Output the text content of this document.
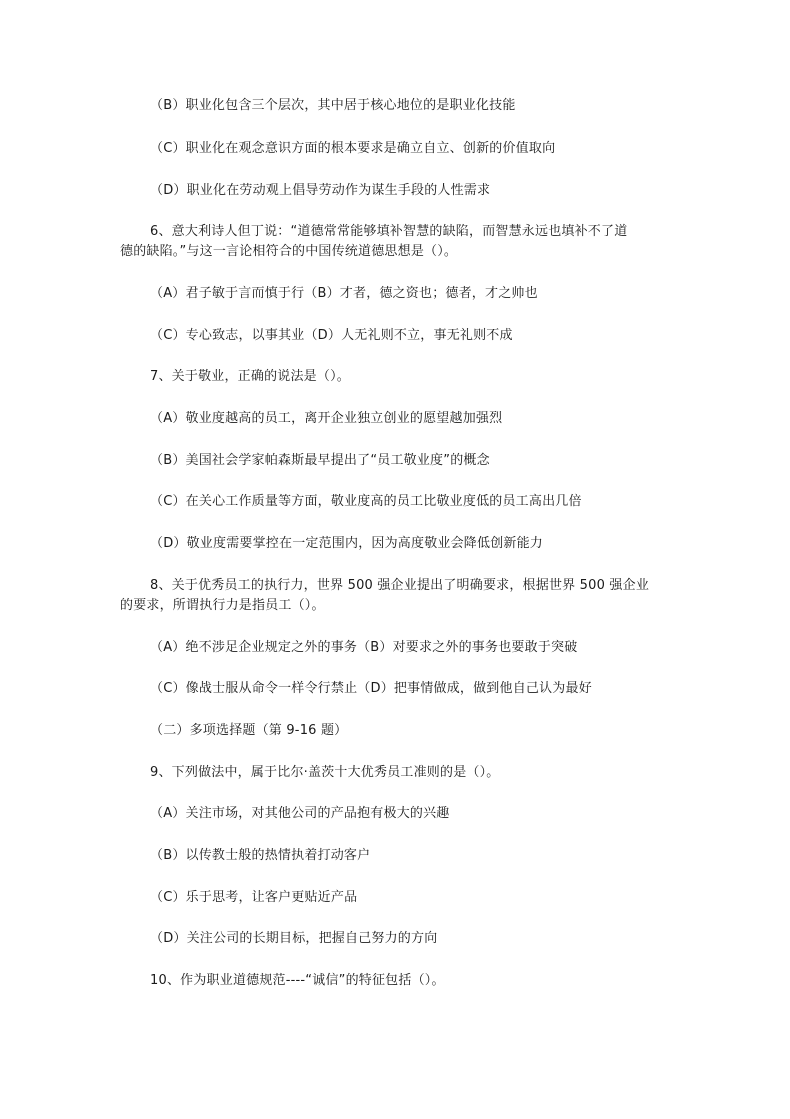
（B）职业化包含三个层次，其中居于核心地位的是职业化技能
（C）职业化在观念意识方面的根本要求是确立自立、创新的价值取向
（D）职业化在劳动观上倡导劳动作为谋生手段的人性需求
6、意大利诗人但丁说：“道德常常能够填补智慧的缺陷，而智慧永远也填补不了道
德的缺陷。”与这一言论相符合的中国传统道德思想是（）。
（A）君子敏于言而慎于行（B）才者，德之资也；德者，才之帅也
（C）专心致志，以事其业（D）人无礼则不立，事无礼则不成
7、关于敬业，正确的说法是（）。
（A）敬业度越高的员工，离开企业独立创业的愿望越加强烈
（B）美国社会学家帕森斯最早提出了“员工敬业度”的概念
（C）在关心工作质量等方面，敬业度高的员工比敬业度低的员工高出几倍
（D）敬业度需要掌控在一定范围内，因为高度敬业会降低创新能力
8、关于优秀员工的执行力，世界 500 强企业提出了明确要求，根据世界 500 强企业
的要求，所谓执行力是指员工（）。
（A）绝不涉足企业规定之外的事务（B）对要求之外的事务也要敢于突破
（C）像战士服从命令一样令行禁止（D）把事情做成，做到他自己认为最好
（二）多项选择题（第 9-16 题）
9、下列做法中，属于比尔·盖茨十大优秀员工准则的是（）。
（A）关注市场，对其他公司的产品抱有极大的兴趣
（B）以传教士般的热情执着打动客户
（C）乐于思考，让客户更贴近产品
（D）关注公司的长期目标，把握自己努力的方向
10、作为职业道德规范----“诚信”的特征包括（）。
